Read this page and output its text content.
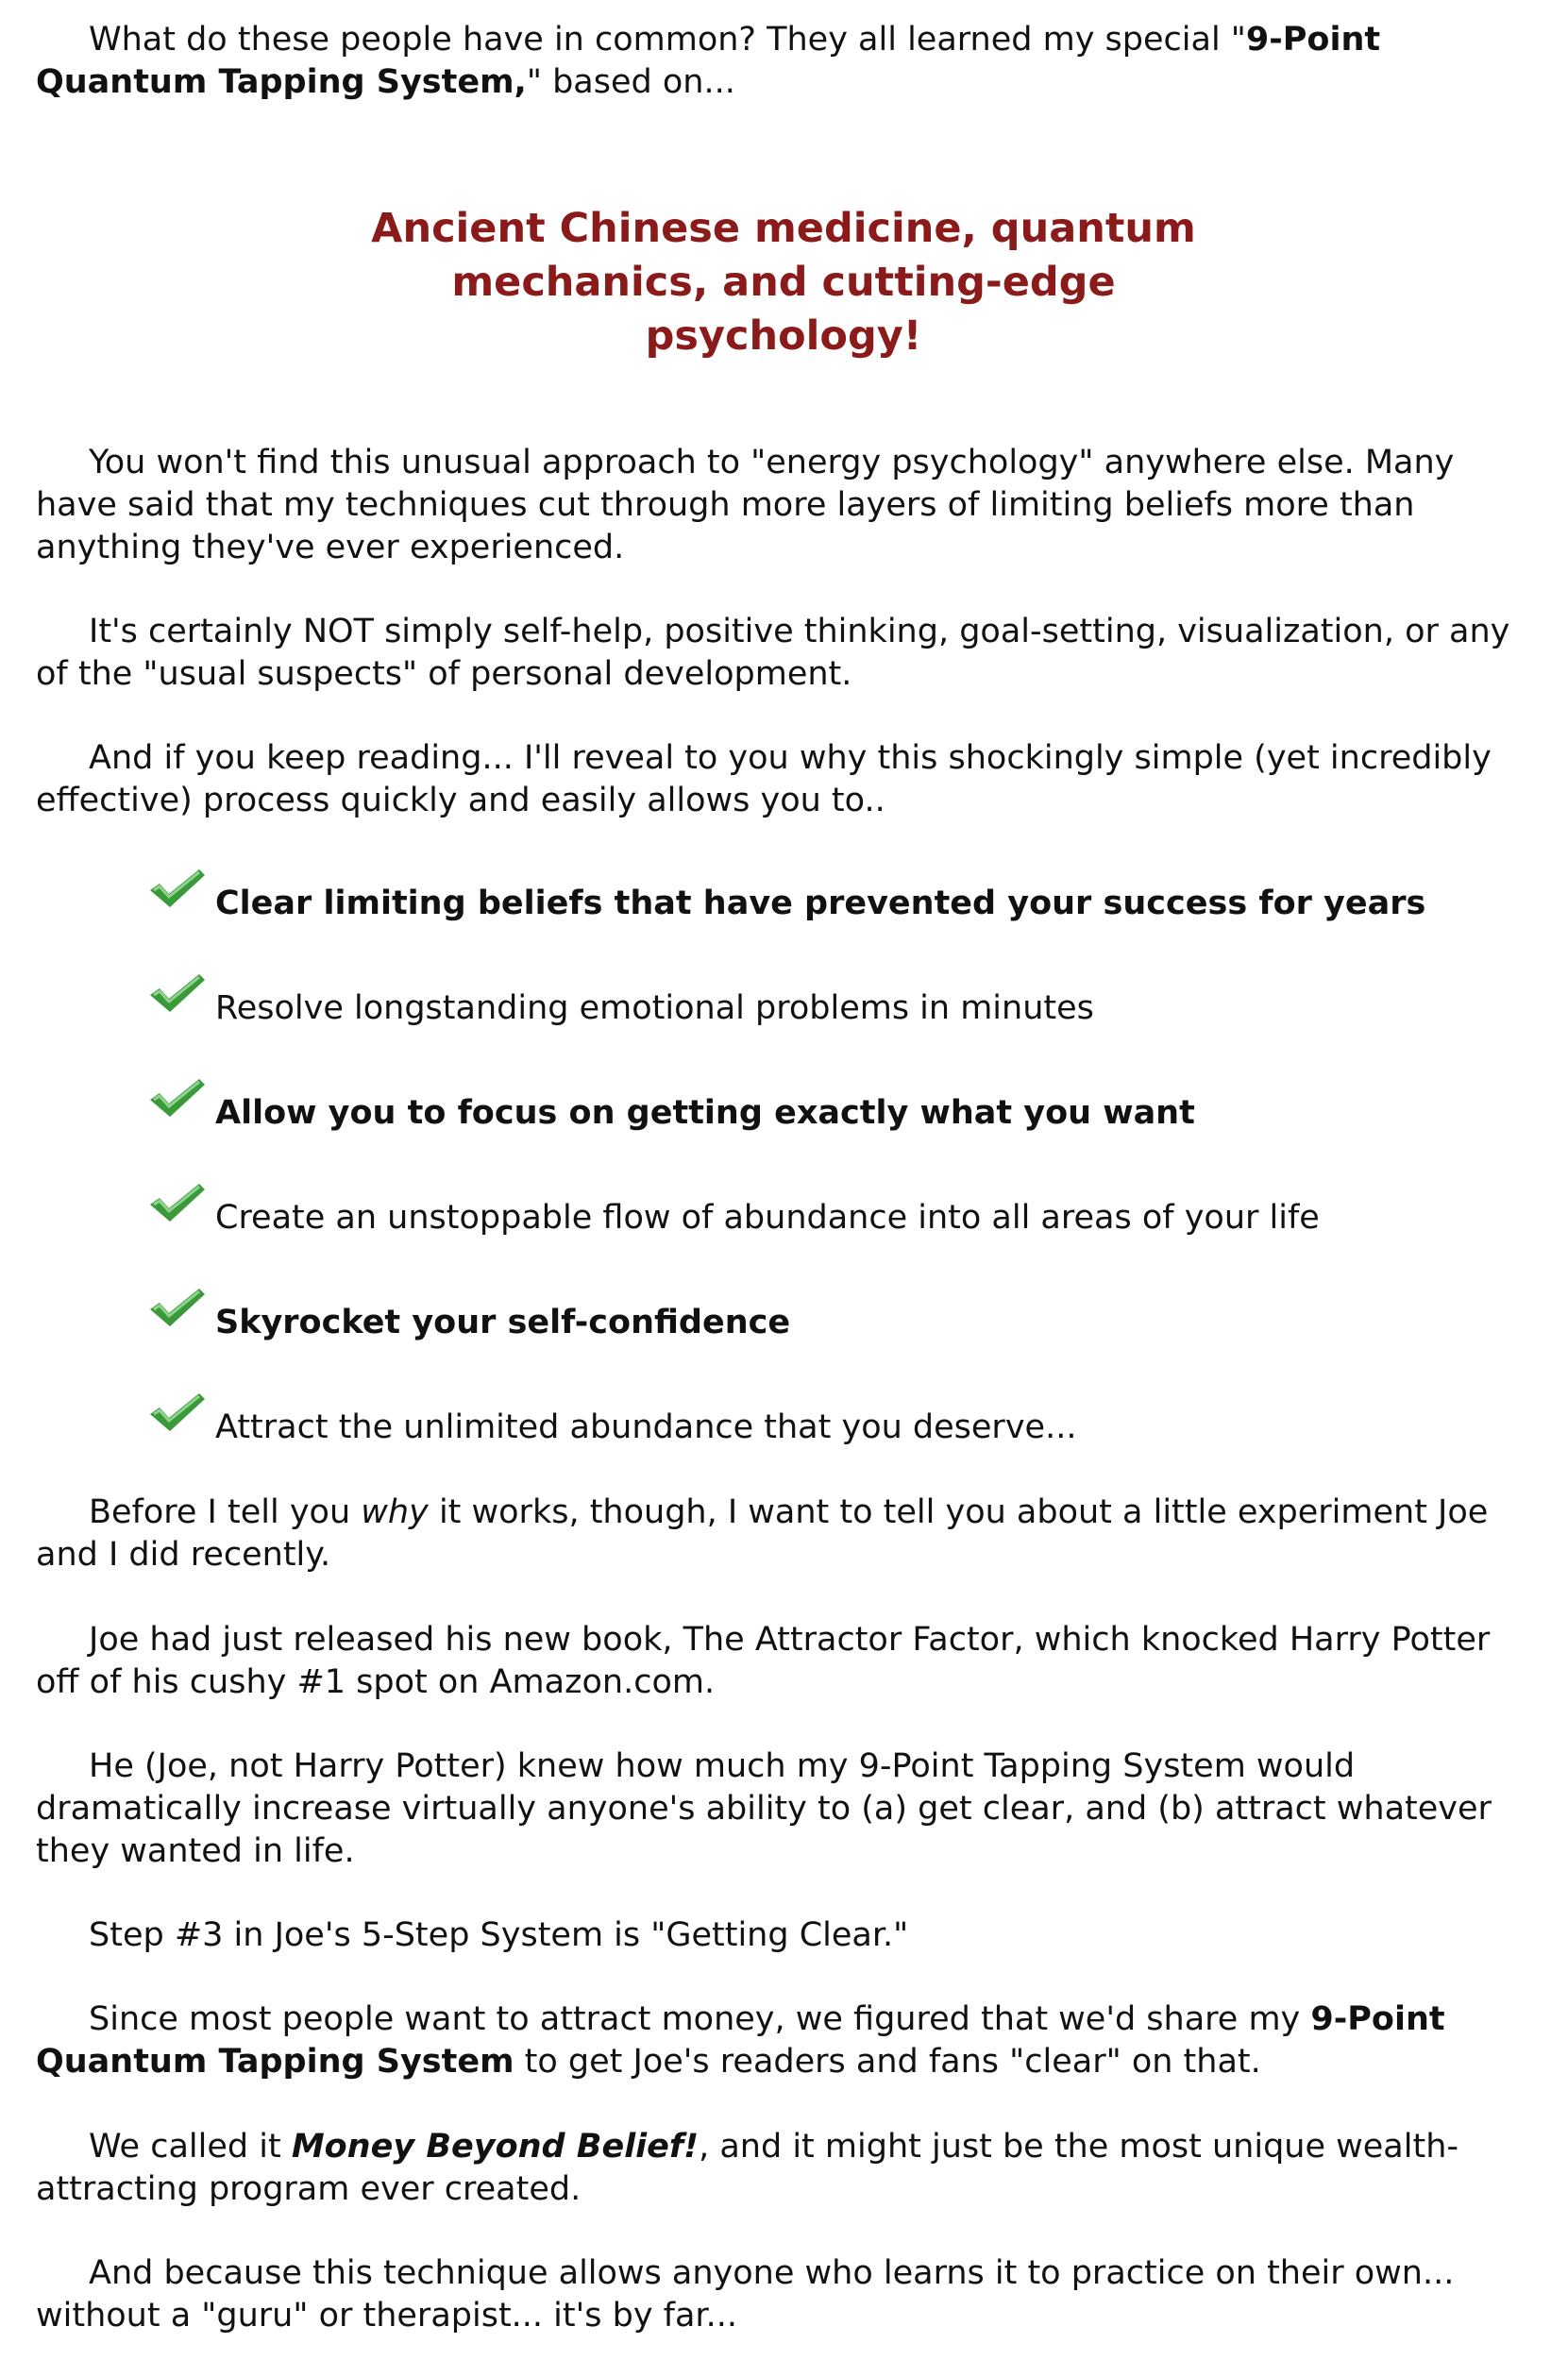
What do these people have in common? They all learned my special "9-Point Quantum Tapping System," based on...

Ancient Chinese medicine, quantum
mechanics, and cutting-edge
psychology!

You won't find this unusual approach to "energy psychology" anywhere else. Many have said that my techniques cut through more layers of limiting beliefs more than anything they've ever experienced.

It's certainly NOT simply self-help, positive thinking, goal-setting, visualization, or any of the "usual suspects" of personal development.

And if you keep reading... I'll reveal to you why this shockingly simple (yet incredibly effective) process quickly and easily allows you to..

Clear limiting beliefs that have prevented your success for years
Resolve longstanding emotional problems in minutes
Allow you to focus on getting exactly what you want
Create an unstoppable flow of abundance into all areas of your life
Skyrocket your self-confidence
Attract the unlimited abundance that you deserve...

Before I tell you why it works, though, I want to tell you about a little experiment Joe and I did recently.

Joe had just released his new book, The Attractor Factor, which knocked Harry Potter off of his cushy #1 spot on Amazon.com.

He (Joe, not Harry Potter) knew how much my 9-Point Tapping System would dramatically increase virtually anyone's ability to (a) get clear, and (b) attract whatever they wanted in life.

Step #3 in Joe's 5-Step System is "Getting Clear."

Since most people want to attract money, we figured that we'd share my 9-Point Quantum Tapping System to get Joe's readers and fans "clear" on that.

We called it Money Beyond Belief!, and it might just be the most unique wealth-attracting program ever created.

And because this technique allows anyone who learns it to practice on their own... without a "guru" or therapist... it's by far...
